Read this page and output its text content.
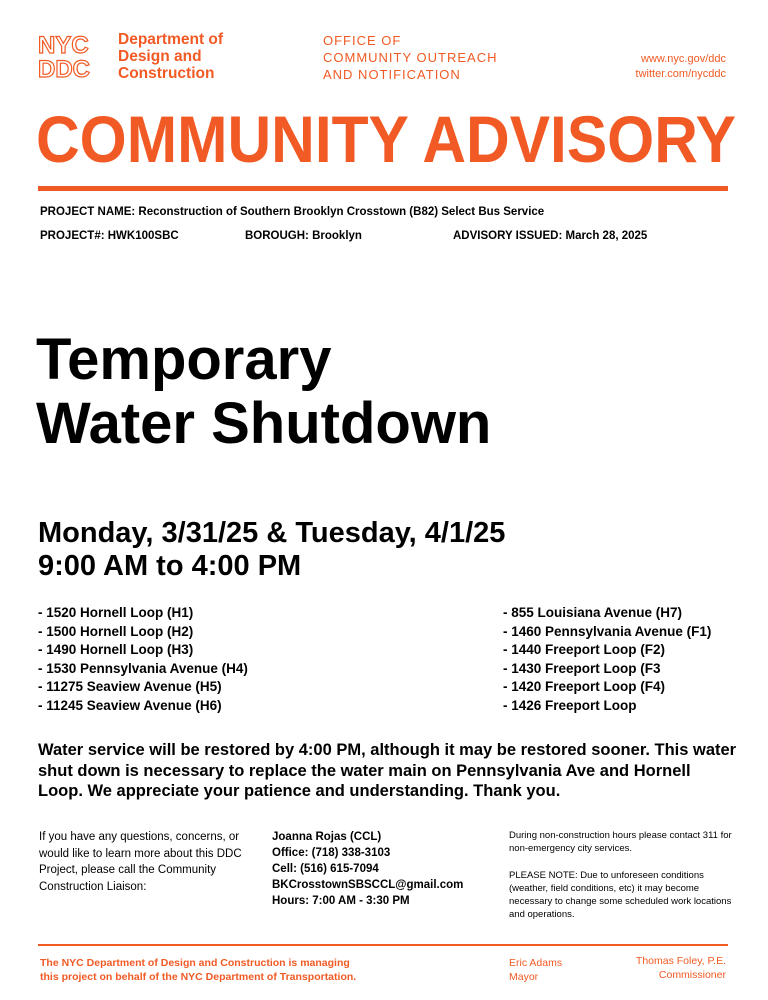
NYC
DDC
Department of
Design and
Construction
OFFICE OF
COMMUNITY OUTREACH
AND NOTIFICATION
www.nyc.gov/ddc
twitter.com/nycddc
COMMUNITY ADVISORY
PROJECT NAME: Reconstruction of Southern Brooklyn Crosstown (B82) Select Bus Service
PROJECT#: HWK100SBC	BOROUGH: Brooklyn	ADVISORY ISSUED: March 28, 2025
Temporary
Water Shutdown
Monday, 3/31/25 & Tuesday, 4/1/25
9:00 AM to 4:00 PM
- 1520 Hornell Loop (H1)
- 1500 Hornell Loop (H2)
- 1490 Hornell Loop (H3)
- 1530 Pennsylvania Avenue (H4)
- 11275 Seaview Avenue (H5)
- 11245 Seaview Avenue (H6)
- 855 Louisiana Avenue (H7)
- 1460 Pennsylvania Avenue (F1)
- 1440 Freeport Loop (F2)
- 1430 Freeport Loop (F3
- 1420 Freeport Loop (F4)
- 1426 Freeport Loop
Water service will be restored by 4:00 PM, although it may be restored sooner. This water shut down is necessary to replace the water main on Pennsylvania Ave and Hornell Loop. We appreciate your patience and understanding. Thank you.
If you have any questions, concerns, or would like to learn more about this DDC Project, please call the Community Construction Liaison:
Joanna Rojas (CCL)
Office: (718) 338-3103
Cell: (516) 615-7094
BKCrosstownSBSCCL@gmail.com
Hours: 7:00 AM - 3:30 PM
During non-construction hours please contact 311 for non-emergency city services.
PLEASE NOTE: Due to unforeseen conditions (weather, field conditions, etc) it may become necessary to change some scheduled work locations and operations.
The NYC Department of Design and Construction is managing
this project on behalf of the NYC Department of Transportation.
Eric Adams
Mayor
Thomas Foley, P.E.
Commissioner
